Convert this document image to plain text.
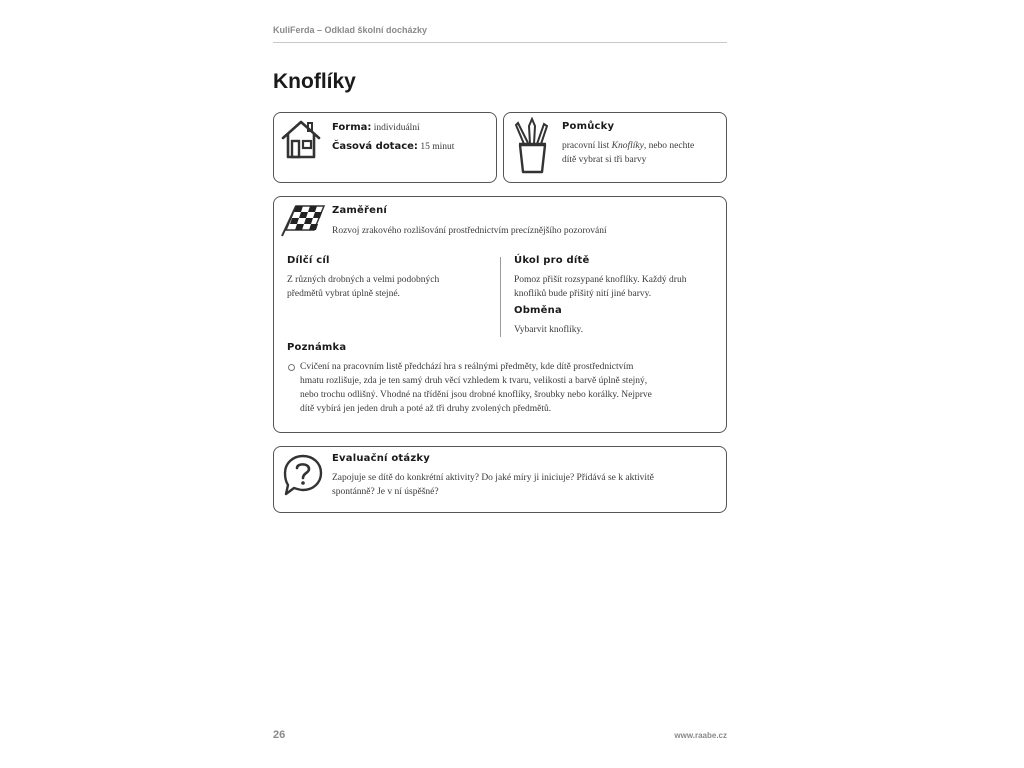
KuliFerda – Odklad školní docházky
Knoflíky
Forma: individuální
Časová dotace: 15 minut
Pomůcky

pracovní list Knoflíky, nebo nechte
dítě vybrat si tři barvy

Zaměření

Rozvoj zrakového rozlišování prostřednictvím precíznějšího pozorování

Dílčí cíl

Z různých drobných a velmi podobných
předmětů vybrat úplně stejné.

Úkol pro dítě

Pomoz přišít rozsypané knoflíky. Každý druh
knoflíků bude přišitý nití jiné barvy.

Obměna

Vybarvit knoflíky.

Poznámka

Cvičení na pracovním listě předchází hra s reálnými předměty, kde dítě prostřednictvím
hmatu rozlišuje, zda je ten samý druh věcí vzhledem k tvaru, velikosti a barvě úplně stejný,
nebo trochu odlišný. Vhodné na třídění jsou drobné knoflíky, šroubky nebo korálky. Nejprve
dítě vybírá jen jeden druh a poté až tři druhy zvolených předmětů.

Evaluační otázky

Zapojuje se dítě do konkrétní aktivity? Do jaké míry ji iniciuje? Přidává se k aktivitě
spontánně? Je v ní úspěšné?

26	www.raabe.cz
